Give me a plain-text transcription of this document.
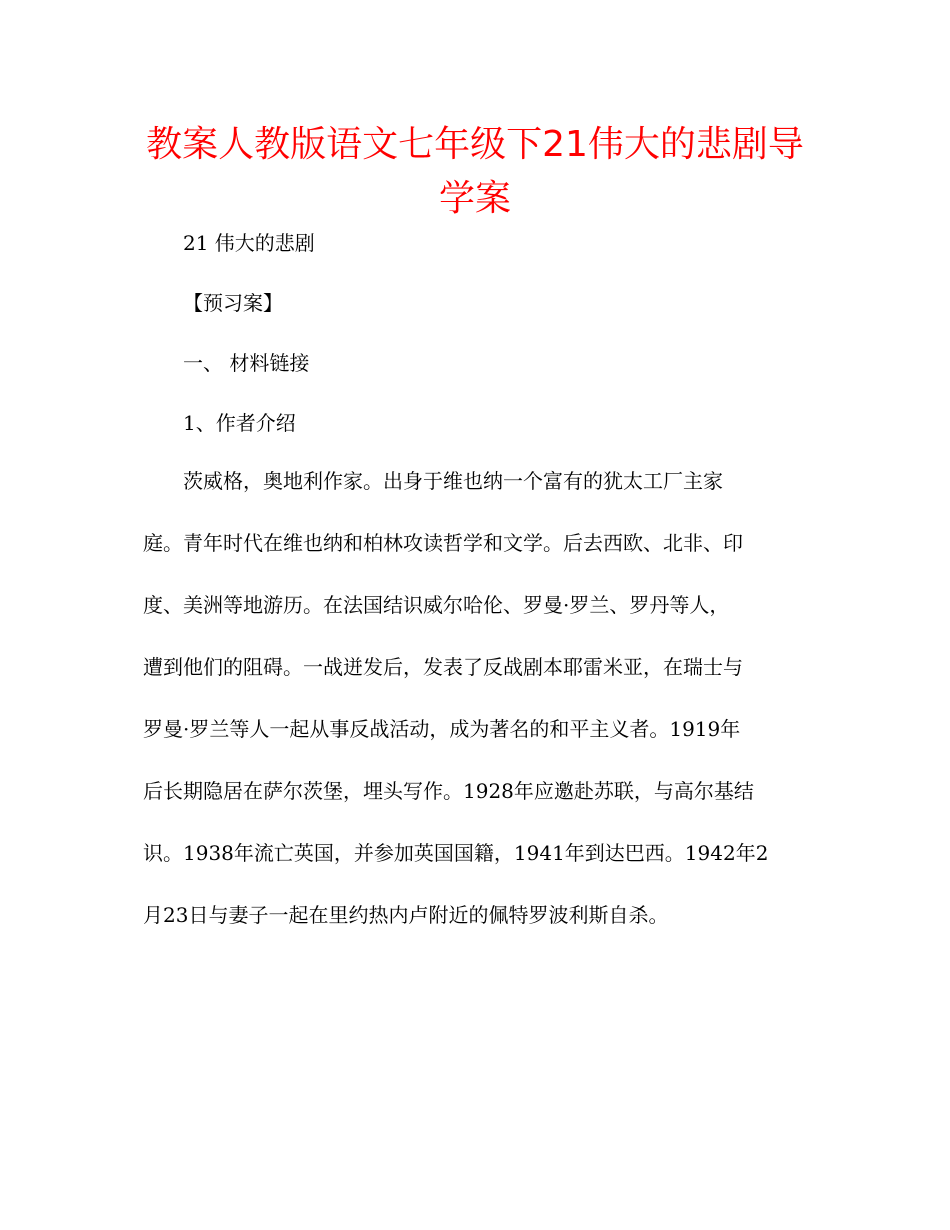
教案人教版语文七年级下21伟大的悲剧导
学案

21 伟大的悲剧

【预习案】

一、 材料链接

1、作者介绍

茨威格，奥地利作家。出身于维也纳一个富有的犹太工厂主家
庭。青年时代在维也纳和柏林攻读哲学和文学。后去西欧、北非、印
度、美洲等地游历。在法国结识威尔哈伦、罗曼·罗兰、罗丹等人，
遭到他们的阻碍。一战迸发后，发表了反战剧本耶雷米亚，在瑞士与
罗曼·罗兰等人一起从事反战活动，成为著名的和平主义者。1919年
后长期隐居在萨尔茨堡，埋头写作。1928年应邀赴苏联，与高尔基结
识。1938年流亡英国，并参加英国国籍，1941年到达巴西。1942年2
月23日与妻子一起在里约热内卢附近的佩特罗波利斯自杀。
